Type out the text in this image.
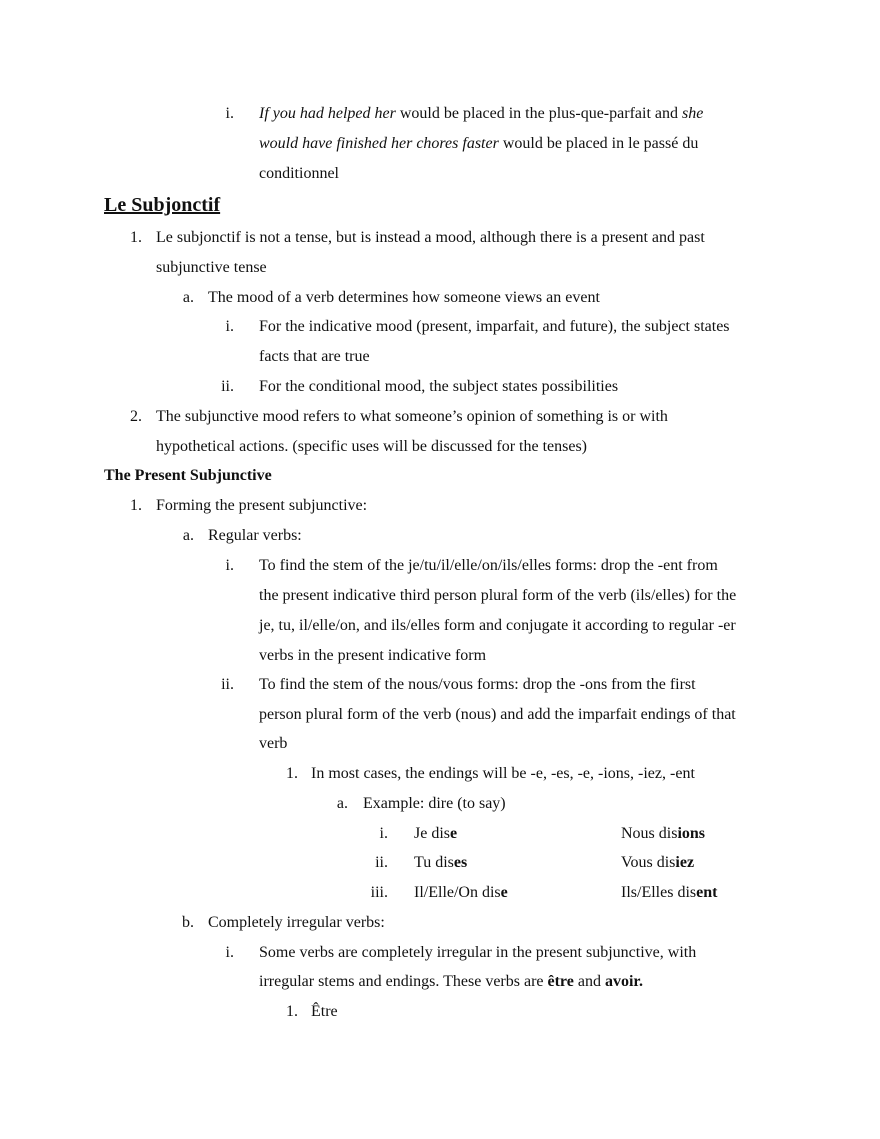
i. If you had helped her would be placed in the plus-que-parfait and she
would have finished her chores faster would be placed in le passé du
conditionnel
Le Subjonctif
1. Le subjonctif is not a tense, but is instead a mood, although there is a present and past
subjunctive tense
a. The mood of a verb determines how someone views an event
i. For the indicative mood (present, imparfait, and future), the subject states
facts that are true
ii. For the conditional mood, the subject states possibilities
2. The subjunctive mood refers to what someone’s opinion of something is or with
hypothetical actions. (specific uses will be discussed for the tenses)
The Present Subjunctive
1. Forming the present subjunctive:
a. Regular verbs:
i. To find the stem of the je/tu/il/elle/on/ils/elles forms: drop the -ent from
the present indicative third person plural form of the verb (ils/elles) for the
je, tu, il/elle/on, and ils/elles form and conjugate it according to regular -er
verbs in the present indicative form
ii. To find the stem of the nous/vous forms: drop the -ons from the first
person plural form of the verb (nous) and add the imparfait endings of that
verb
1. In most cases, the endings will be -e, -es, -e, -ions, -iez, -ent
a. Example: dire (to say)
i. Je dise	Nous disions
ii. Tu dises	Vous disiez
iii. Il/Elle/On dise	Ils/Elles disent
b. Completely irregular verbs:
i. Some verbs are completely irregular in the present subjunctive, with
irregular stems and endings. These verbs are être and avoir.
1. Être
